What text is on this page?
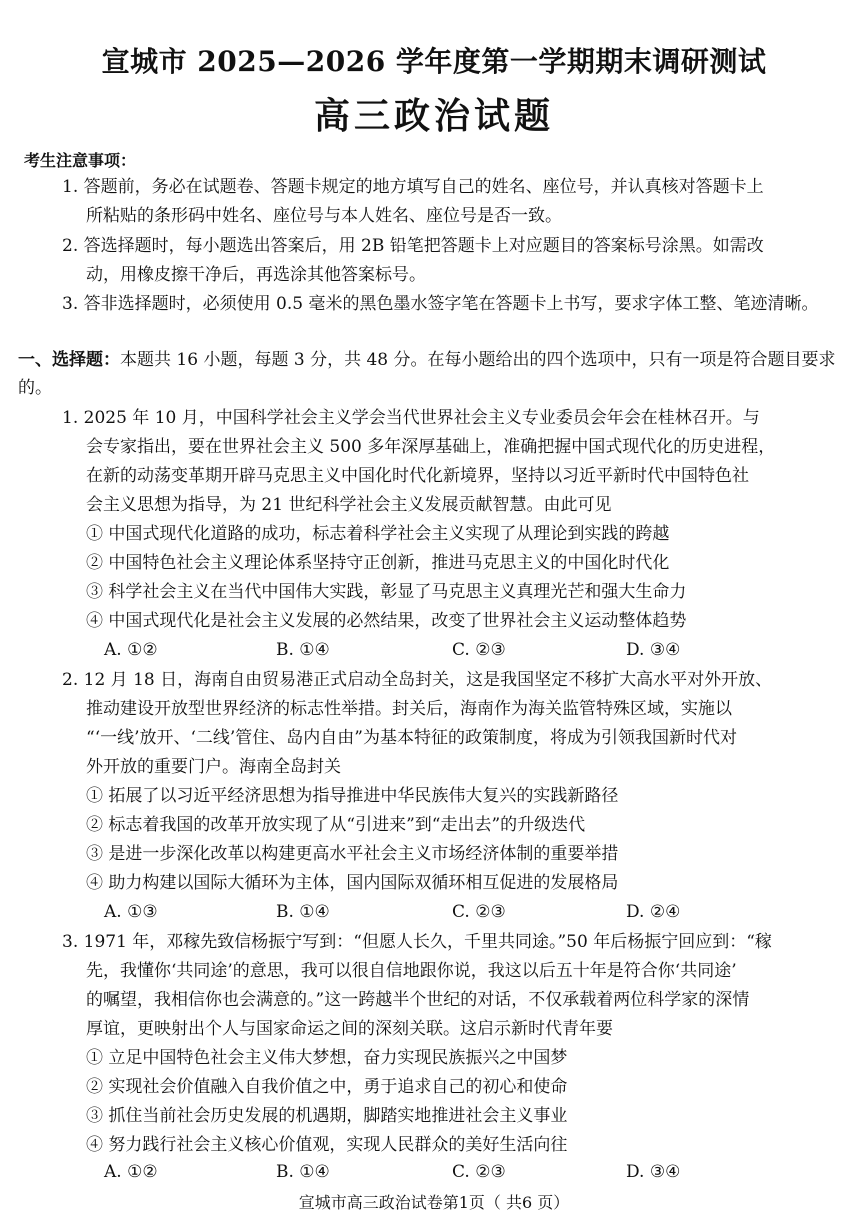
宣城市 2025—2026 学年度第一学期期末调研测试
高三政治试题
考生注意事项：
1. 答题前，务必在试题卷、答题卡规定的地方填写自己的姓名、座位号，并认真核对答题卡上
所粘贴的条形码中姓名、座位号与本人姓名、座位号是否一致。
2. 答选择题时，每小题选出答案后，用 2B 铅笔把答题卡上对应题目的答案标号涂黑。如需改
动，用橡皮擦干净后，再选涂其他答案标号。
3. 答非选择题时，必须使用 0.5 毫米的黑色墨水签字笔在答题卡上书写，要求字体工整、笔迹清晰。
一、选择题：本题共 16 小题，每题 3 分，共 48 分。在每小题给出的四个选项中，只有一项是符合题目要求的。
1. 2025 年 10 月，中国科学社会主义学会当代世界社会主义专业委员会年会在桂林召开。与
会专家指出，要在世界社会主义 500 多年深厚基础上，准确把握中国式现代化的历史进程，
在新的动荡变革期开辟马克思主义中国化时代化新境界，坚持以习近平新时代中国特色社
会主义思想为指导，为 21 世纪科学社会主义发展贡献智慧。由此可见
① 中国式现代化道路的成功，标志着科学社会主义实现了从理论到实践的跨越
② 中国特色社会主义理论体系坚持守正创新，推进马克思主义的中国化时代化
③ 科学社会主义在当代中国伟大实践，彰显了马克思主义真理光芒和强大生命力
④ 中国式现代化是社会主义发展的必然结果，改变了世界社会主义运动整体趋势
A. ①②	B. ①④	C. ②③	D. ③④
2. 12 月 18 日，海南自由贸易港正式启动全岛封关，这是我国坚定不移扩大高水平对外开放、
推动建设开放型世界经济的标志性举措。封关后，海南作为海关监管特殊区域，实施以
“‘一线’放开、‘二线’管住、岛内自由”为基本特征的政策制度，将成为引领我国新时代对
外开放的重要门户。海南全岛封关
① 拓展了以习近平经济思想为指导推进中华民族伟大复兴的实践新路径
② 标志着我国的改革开放实现了从“引进来”到“走出去”的升级迭代
③ 是进一步深化改革以构建更高水平社会主义市场经济体制的重要举措
④ 助力构建以国际大循环为主体，国内国际双循环相互促进的发展格局
A. ①③	B. ①④	C. ②③	D. ②④
3. 1971 年，邓稼先致信杨振宁写到：“但愿人长久，千里共同途。”50 年后杨振宁回应到：“稼
先，我懂你‘共同途’的意思，我可以很自信地跟你说，我这以后五十年是符合你‘共同途’
的嘱望，我相信你也会满意的。”这一跨越半个世纪的对话，不仅承载着两位科学家的深情
厚谊，更映射出个人与国家命运之间的深刻关联。这启示新时代青年要
① 立足中国特色社会主义伟大梦想，奋力实现民族振兴之中国梦
② 实现社会价值融入自我价值之中，勇于追求自己的初心和使命
③ 抓住当前社会历史发展的机遇期，脚踏实地推进社会主义事业
④ 努力践行社会主义核心价值观，实现人民群众的美好生活向往
A. ①②	B. ①④	C. ②③	D. ③④
宣城市高三政治试卷第1页（ 共6 页）
